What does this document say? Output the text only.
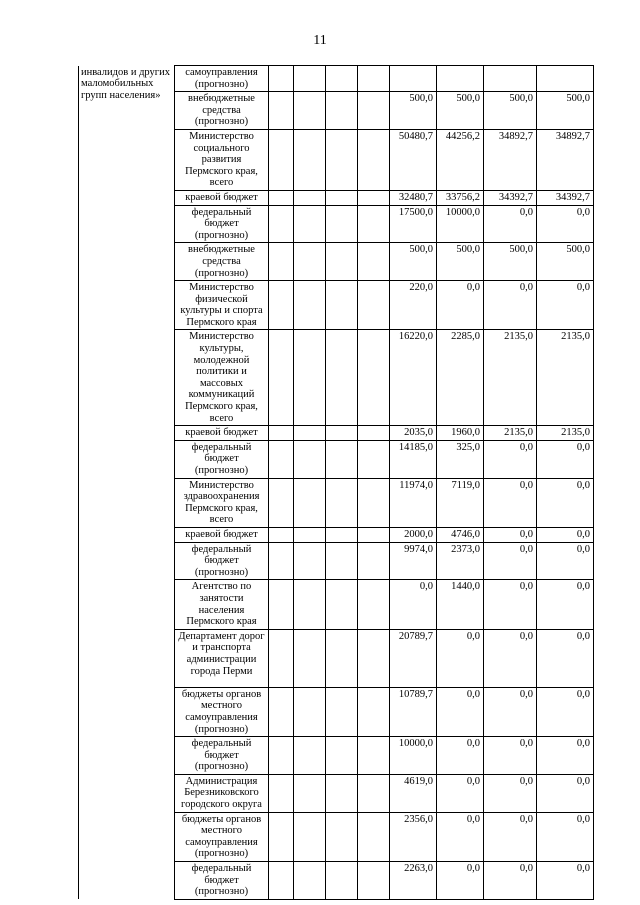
11
инвалидов и других маломобильных групп населения»	самоуправления (прогнозно)								
	внебюджетные средства (прогнозно)					500,0	500,0	500,0	500,0
	Министерство социального развития Пермского края, всего					50480,7	44256,2	34892,7	34892,7
	краевой бюджет					32480,7	33756,2	34392,7	34392,7
	федеральный бюджет (прогнозно)					17500,0	10000,0	0,0	0,0
	внебюджетные средства (прогнозно)					500,0	500,0	500,0	500,0
	Министерство физической культуры и спорта Пермского края					220,0	0,0	0,0	0,0
	Министерство культуры, молодежной политики и массовых коммуникаций Пермского края, всего					16220,0	2285,0	2135,0	2135,0
	краевой бюджет					2035,0	1960,0	2135,0	2135,0
	федеральный бюджет (прогнозно)					14185,0	325,0	0,0	0,0
	Министерство здравоохранения Пермского края, всего					11974,0	7119,0	0,0	0,0
	краевой бюджет					2000,0	4746,0	0,0	0,0
	федеральный бюджет (прогнозно)					9974,0	2373,0	0,0	0,0
	Агентство по занятости населения Пермского края					0,0	1440,0	0,0	0,0
	Департамент дорог и транспорта администрации города Перми					20789,7	0,0	0,0	0,0
	бюджеты органов местного самоуправления (прогнозно)					10789,7	0,0	0,0	0,0
	федеральный бюджет (прогнозно)					10000,0	0,0	0,0	0,0
	Администрация Березниковского городского округа					4619,0	0,0	0,0	0,0
	бюджеты органов местного самоуправления (прогнозно)					2356,0	0,0	0,0	0,0
	федеральный бюджет (прогнозно)					2263,0	0,0	0,0	0,0
